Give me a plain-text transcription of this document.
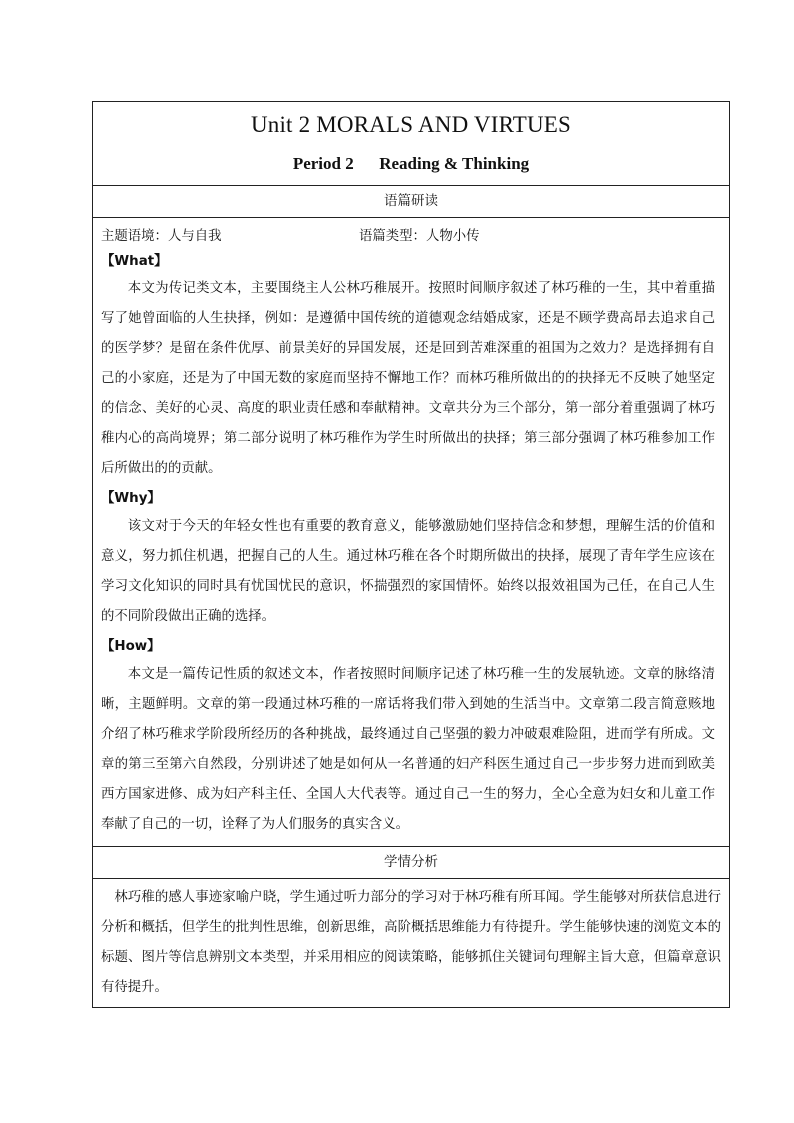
Unit 2 MORALS AND VIRTUES
Period 2      Reading & Thinking
语篇研读
主题语境：人与自我	语篇类型：人物小传
【What】

本文为传记类文本，主要围绕主人公林巧稚展开。按照时间顺序叙述了林巧稚的一生，其中着重描写了她曾面临的人生抉择，例如：是遵循中国传统的道德观念结婚成家，还是不顾学费高昂去追求自己的医学梦？是留在条件优厚、前景美好的异国发展，还是回到苦难深重的祖国为之效力？是选择拥有自己的小家庭，还是为了中国无数的家庭而坚持不懈地工作？而林巧稚所做出的的抉择无不反映了她坚定的信念、美好的心灵、高度的职业责任感和奉献精神。文章共分为三个部分，第一部分着重强调了林巧稚内心的高尚境界；第二部分说明了林巧稚作为学生时所做出的抉择；第三部分强调了林巧稚参加工作后所做出的的贡献。

【Why】

该文对于今天的年轻女性也有重要的教育意义，能够激励她们坚持信念和梦想，理解生活的价值和意义，努力抓住机遇，把握自己的人生。通过林巧稚在各个时期所做出的抉择，展现了青年学生应该在学习文化知识的同时具有忧国忧民的意识，怀揣强烈的家国情怀。始终以报效祖国为己任，在自己人生的不同阶段做出正确的选择。

【How】

本文是一篇传记性质的叙述文本，作者按照时间顺序记述了林巧稚一生的发展轨迹。文章的脉络清晰，主题鲜明。文章的第一段通过林巧稚的一席话将我们带入到她的生活当中。文章第二段言简意赅地介绍了林巧稚求学阶段所经历的各种挑战，最终通过自己坚强的毅力冲破艰难险阻，进而学有所成。文章的第三至第六自然段，分别讲述了她是如何从一名普通的妇产科医生通过自己一步步努力进而到欧美西方国家进修、成为妇产科主任、全国人大代表等。通过自己一生的努力，全心全意为妇女和儿童工作奉献了自己的一切，诠释了为人们服务的真实含义。

学情分析

林巧稚的感人事迹家喻户晓，学生通过听力部分的学习对于林巧稚有所耳闻。学生能够对所获信息进行分析和概括，但学生的批判性思维，创新思维，高阶概括思维能力有待提升。学生能够快速的浏览文本的标题、图片等信息辨别文本类型，并采用相应的阅读策略，能够抓住关键词句理解主旨大意，但篇章意识有待提升。
